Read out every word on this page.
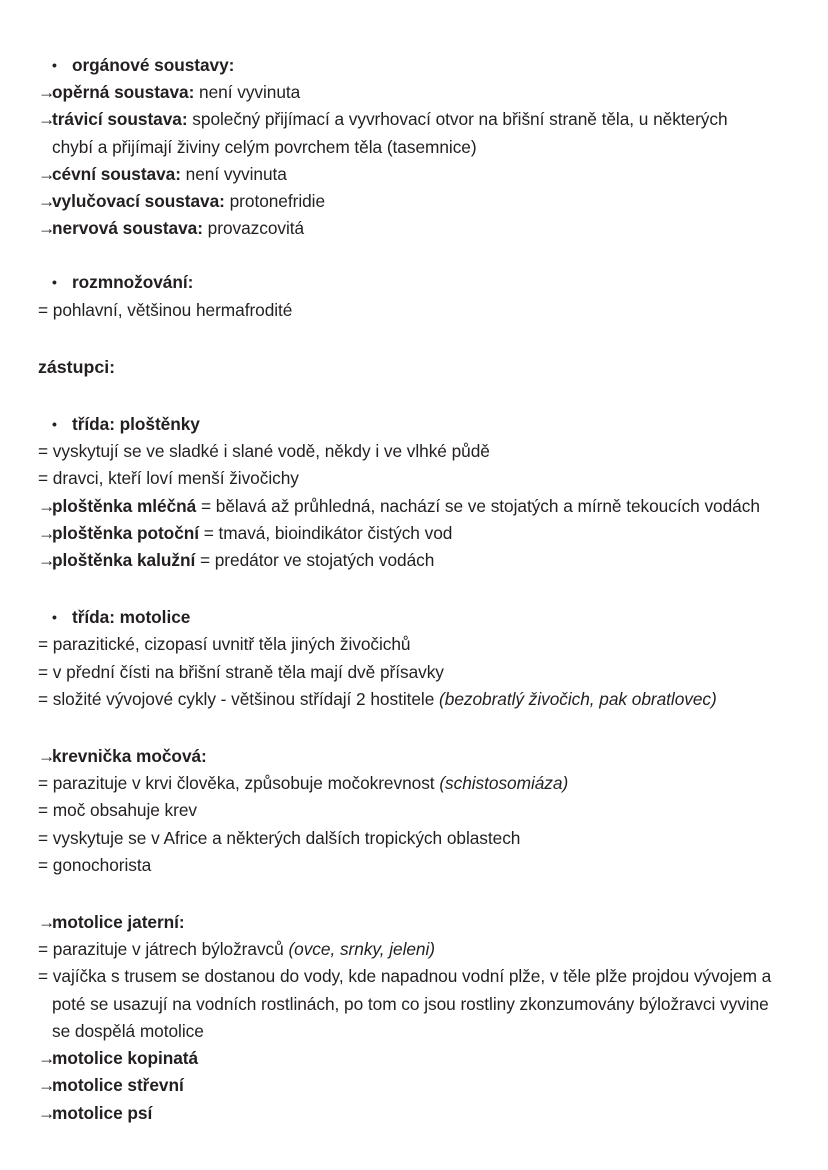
• orgánové soustavy:
→opěrná soustava: není vyvinuta
→trávicí soustava: společný přijímací a vyvrhovací otvor na břišní straně těla, u některých
chybí a přijímají živiny celým povrchem těla (tasemnice)
→cévní soustava: není vyvinuta
→vylučovací soustava: protonefridie
→nervová soustava: provazcovitá
• rozmnožování:
= pohlavní, většinou hermafrodité
zástupci:
• třída: ploštěnky
= vyskytují se ve sladké i slané vodě, někdy i ve vlhké půdě
= dravci, kteří loví menší živočichy
→ploštěnka mléčná = bělavá až průhledná, nachází se ve stojatých a mírně tekoucích vodách
→ploštěnka potoční = tmavá, bioindikátor čistých vod
→ploštěnka kalužní = predátor ve stojatých vodách
• třída: motolice
= parazitické, cizopasí uvnitř těla jiných živočichů
= v přední čísti na břišní straně těla mají dvě přísavky
= složité vývojové cykly - většinou střídají 2 hostitele (bezobratlý živočich, pak obratlovec)
→krevnička močová:
= parazituje v krvi člověka, způsobuje močokrevnost (schistosomiáza)
= moč obsahuje krev
= vyskytuje se v Africe a některých dalších tropických oblastech
= gonochorista
→motolice jaterní:
= parazituje v játrech býložravců (ovce, srnky, jeleni)
= vajíčka s trusem se dostanou do vody, kde napadnou vodní plže, v těle plže projdou vývojem a
poté se usazují na vodních rostlinách, po tom co jsou rostliny zkonzumovány býložravci vyvine
se dospělá motolice
→motolice kopinatá
→motolice střevní
→motolice psí
